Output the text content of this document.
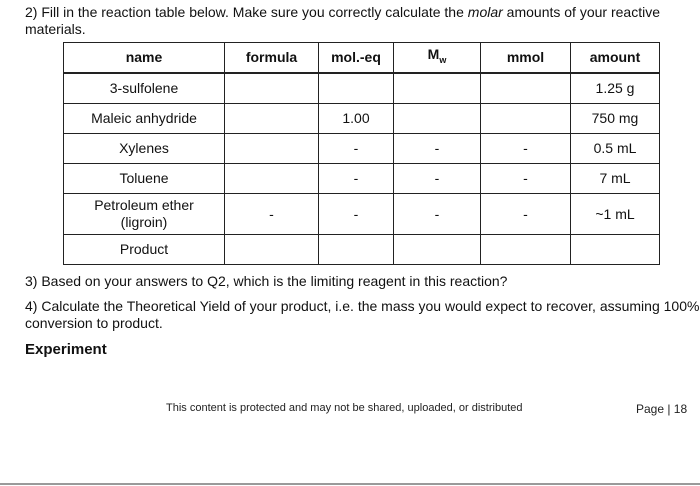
2) Fill in the reaction table below. Make sure you correctly calculate the molar amounts of your reactive materials.
name	formula	mol.-eq	$M_w$	mmol	amount
3-sulfolene					1.25 g
Maleic anhydride		1.00			750 mg
Xylenes		-	-	-	0.5 mL
Toluene		-	-	-	7 mL
Petroleum ether
(ligroin)	-	-	-	-	~1 mL
Product					
3) Based on your answers to Q2, which is the limiting reagent in this reaction?
4) Calculate the Theoretical Yield of your product, i.e. the mass you would expect to recover, assuming 100% conversion to product.
Experiment
This content is protected and may not be shared, uploaded, or distributed	Page | 18
